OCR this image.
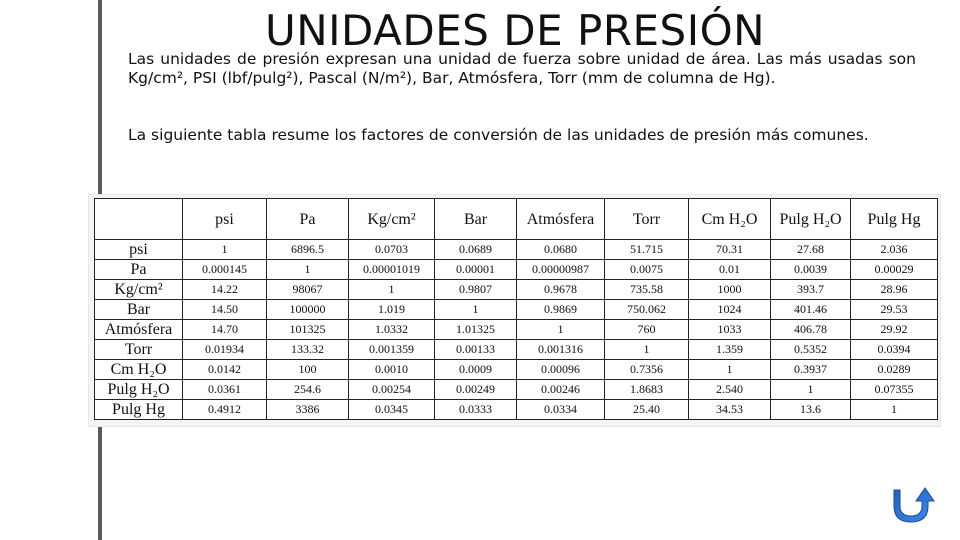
UNIDADES DE PRESIÓN

Las unidades de presión expresan una unidad de fuerza sobre unidad de área. Las más usadas son Kg/cm², PSI (lbf/pulg²), Pascal (N/m²), Bar, Atmósfera, Torr (mm de columna de Hg).

La siguiente tabla resume los factores de conversión de las unidades de presión más comunes.

	psi	Pa	Kg/cm²	Bar	Atmósfera	Torr	Cm H₂O	Pulg H₂O	Pulg Hg
psi	1	6896.5	0.0703	0.0689	0.0680	51.715	70.31	27.68	2.036
Pa	0.000145	1	0.00001019	0.00001	0.00000987	0.0075	0.01	0.0039	0.00029
Kg/cm²	14.22	98067	1	0.9807	0.9678	735.58	1000	393.7	28.96
Bar	14.50	100000	1.019	1	0.9869	750.062	1024	401.46	29.53
Atmósfera	14.70	101325	1.0332	1.01325	1	760	1033	406.78	29.92
Torr	0.01934	133.32	0.001359	0.00133	0.001316	1	1.359	0.5352	0.0394
Cm H₂O	0.0142	100	0.0010	0.0009	0.00096	0.7356	1	0.3937	0.0289
Pulg H₂O	0.0361	254.6	0.00254	0.00249	0.00246	1.8683	2.540	1	0.07355
Pulg Hg	0.4912	3386	0.0345	0.0333	0.0334	25.40	34.53	13.6	1
